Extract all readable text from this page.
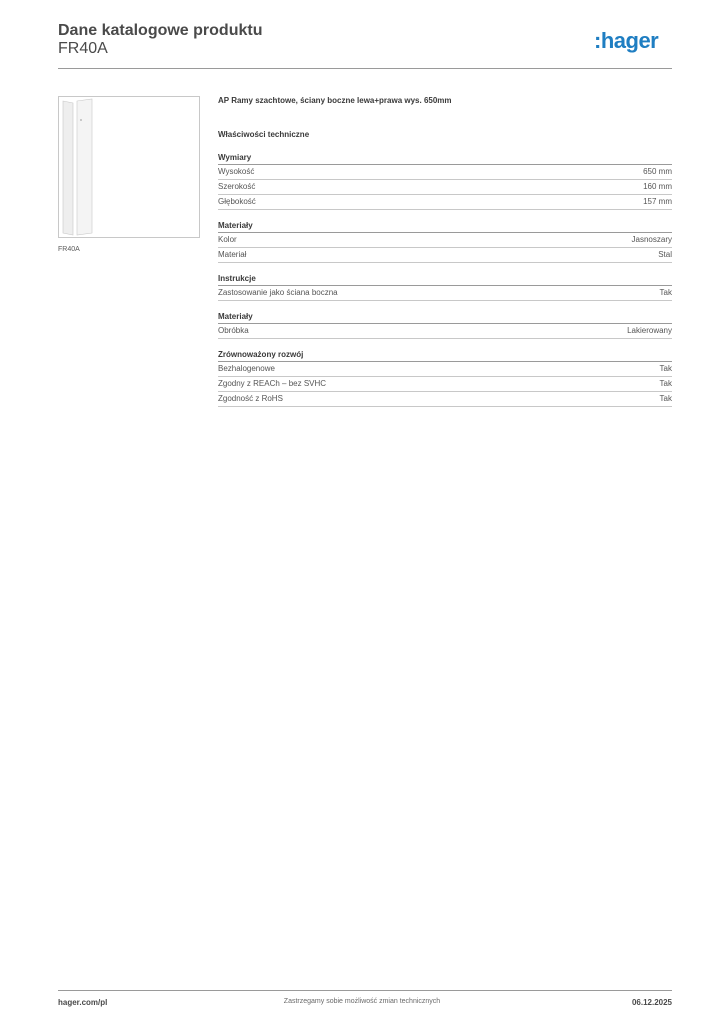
Dane katalogowe produktu
FR40A	:hager
FR40A
AP Ramy szachtowe, ściany boczne lewa+prawa wys. 650mm
Właściwości techniczne
Wymiary
Wysokość	650 mm
Szerokość	160 mm
Głębokość	157 mm
Materiały
Kolor	Jasnoszary
Materiał	Stal
Instrukcje
Zastosowanie jako ściana boczna	Tak
Materiały
Obróbka	Lakierowany
Zrównoważony rozwój
Bezhalogenowe	Tak
Zgodny z REACh – bez SVHC	Tak
Zgodność z RoHS	Tak
hager.com/pl	Zastrzegamy sobie możliwość zmian technicznych	06.12.2025
